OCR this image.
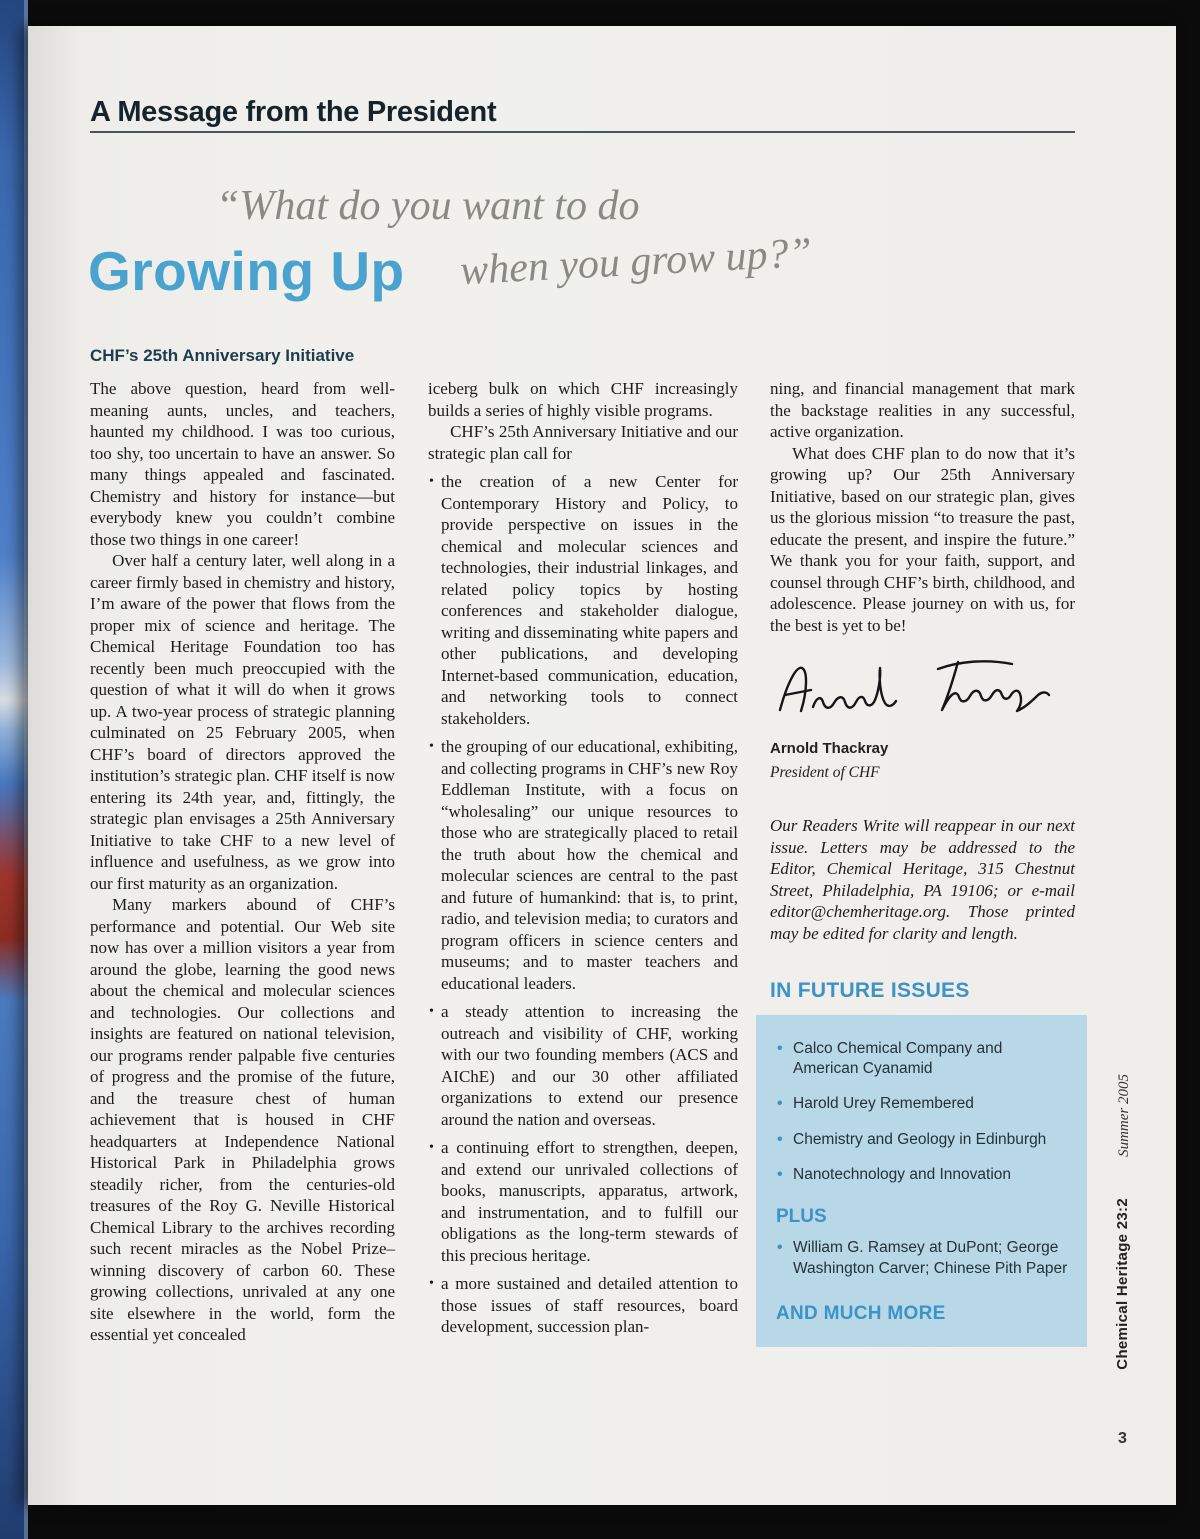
A Message from the President
“What do you want to do
when you grow up?”
Growing Up
CHF’s 25th Anniversary Initiative

The above question, heard from well-meaning aunts, uncles, and teachers, haunted my childhood. I was too curious, too shy, too uncertain to have an answer. So many things appealed and fascinated. Chemistry and history for instance—but everybody knew you couldn’t combine those two things in one career!

Over half a century later, well along in a career firmly based in chemistry and history, I’m aware of the power that flows from the proper mix of science and heritage. The Chemical Heritage Foundation too has recently been much preoccupied with the question of what it will do when it grows up. A two-year process of strategic planning culminated on 25 February 2005, when CHF’s board of directors approved the institution’s strategic plan. CHF itself is now entering its 24th year, and, fittingly, the strategic plan envisages a 25th Anniversary Initiative to take CHF to a new level of influence and usefulness, as we grow into our first maturity as an organization.

Many markers abound of CHF’s performance and potential. Our Web site now has over a million visitors a year from around the globe, learning the good news about the chemical and molecular sciences and technologies. Our collections and insights are featured on national television, our programs render palpable five centuries of progress and the promise of the future, and the treasure chest of human achievement that is housed in CHF headquarters at Independence National Historical Park in Philadelphia grows steadily richer, from the centuries-old treasures of the Roy G. Neville Historical Chemical Library to the archives recording such recent miracles as the Nobel Prize–winning discovery of carbon 60. These growing collections, unrivaled at any one site elsewhere in the world, form the essential yet concealed

iceberg bulk on which CHF increasingly builds a series of highly visible programs.

CHF’s 25th Anniversary Initiative and our strategic plan call for

• the creation of a new Center for Contemporary History and Policy, to provide perspective on issues in the chemical and molecular sciences and technologies, their industrial linkages, and related policy topics by hosting conferences and stakeholder dialogue, writing and disseminating white papers and other publications, and developing Internet-based communication, education, and networking tools to connect stakeholders.
• the grouping of our educational, exhibiting, and collecting programs in CHF’s new Roy Eddleman Institute, with a focus on “wholesaling” our unique resources to those who are strategically placed to retail the truth about how the chemical and molecular sciences are central to the past and future of humankind: that is, to print, radio, and television media; to curators and program officers in science centers and museums; and to master teachers and educational leaders.
• a steady attention to increasing the outreach and visibility of CHF, working with our two founding members (ACS and AIChE) and our 30 other affiliated organizations to extend our presence around the nation and overseas.
• a continuing effort to strengthen, deepen, and extend our unrivaled collections of books, manuscripts, apparatus, artwork, and instrumentation, and to fulfill our obligations as the long-term stewards of this precious heritage.
• a more sustained and detailed attention to those issues of staff resources, board development, succession plan-

ning, and financial management that mark the backstage realities in any successful, active organization.

What does CHF plan to do now that it’s growing up? Our 25th Anniversary Initiative, based on our strategic plan, gives us the glorious mission “to treasure the past, educate the present, and inspire the future.” We thank you for your faith, support, and counsel through CHF’s birth, childhood, and adolescence. Please journey on with us, for the best is yet to be!

Arnold Thackray
President of CHF

Our Readers Write will reappear in our next issue. Letters may be addressed to the Editor, Chemical Heritage, 315 Chestnut Street, Philadelphia, PA 19106; or e-mail editor@chemheritage.org. Those printed may be edited for clarity and length.

IN FUTURE ISSUES
• Calco Chemical Company and American Cyanamid
• Harold Urey Remembered
• Chemistry and Geology in Edinburgh
• Nanotechnology and Innovation
PLUS
• William G. Ramsey at DuPont; George Washington Carver; Chinese Pith Paper
AND MUCH MORE
Summer 2005
Chemical Heritage 23:2
3
